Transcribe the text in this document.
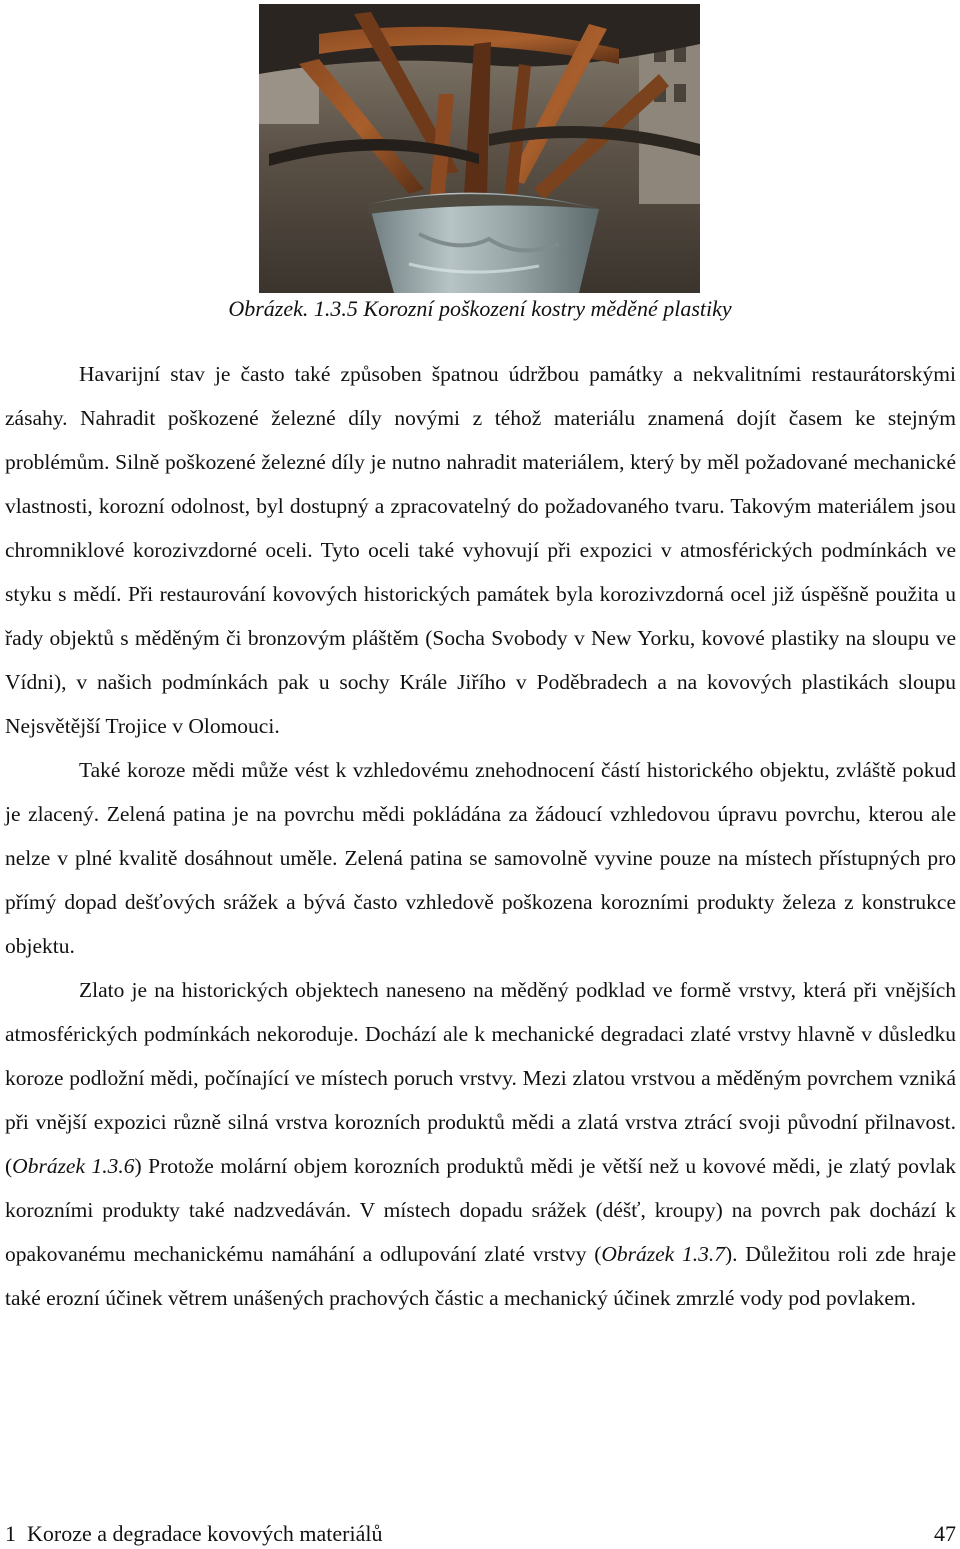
Obrázek. 1.3.5 Korozní poškození kostry měděné plastiky

Havarijní stav je často také způsoben špatnou údržbou památky a nekvalitními restaurátorskými zásahy. Nahradit poškozené železné díly novými z téhož materiálu znamená dojít časem ke stejným problémům. Silně poškozené železné díly je nutno nahradit materiálem, který by měl požadované mechanické vlastnosti, korozní odolnost, byl dostupný a zpracovatelný do požadovaného tvaru. Takovým materiálem jsou chromniklové korozivzdorné oceli. Tyto oceli také vyhovují při expozici v atmosférických podmínkách ve styku s mědí. Při restaurování kovových historických památek byla korozivzdorná ocel již úspěšně použita u řady objektů s měděným či bronzovým pláštěm (Socha Svobody v New Yorku, kovové plastiky na sloupu ve Vídni), v našich podmínkách pak u sochy Krále Jiřího v Poděbradech a na kovových plastikách sloupu Nejsvětější Trojice v Olomouci.

Také koroze mědi může vést k vzhledovému znehodnocení částí historického objektu, zvláště pokud je zlacený. Zelená patina je na povrchu mědi pokládána za žádoucí vzhledovou úpravu povrchu, kterou ale nelze v plné kvalitě dosáhnout uměle. Zelená patina se samovolně vyvine pouze na místech přístupných pro přímý dopad dešťových srážek a bývá často vzhledově poškozena korozními produkty železa z konstrukce objektu.

Zlato je na historických objektech naneseno na měděný podklad ve formě vrstvy, která při vnějších atmosférických podmínkách nekoroduje. Dochází ale k mechanické degradaci zlaté vrstvy hlavně v důsledku koroze podložní mědi, počínající ve místech poruch vrstvy. Mezi zlatou vrstvou a měděným povrchem vzniká při vnější expozici různě silná vrstva korozních produktů mědi a zlatá vrstva ztrácí svoji původní přilnavost. (Obrázek 1.3.6) Protože molární objem korozních produktů mědi je větší než u kovové mědi, je zlatý povlak korozními produkty také nadzvedáván. V místech dopadu srážek (déšť, kroupy) na povrch pak dochází k opakovanému mechanickému namáhání a odlupování zlaté vrstvy (Obrázek 1.3.7). Důležitou roli zde hraje také erozní účinek větrem unášených prachových částic a mechanický účinek zmrzlé vody pod povlakem.

1  Koroze a degradace kovových materiálů	47
